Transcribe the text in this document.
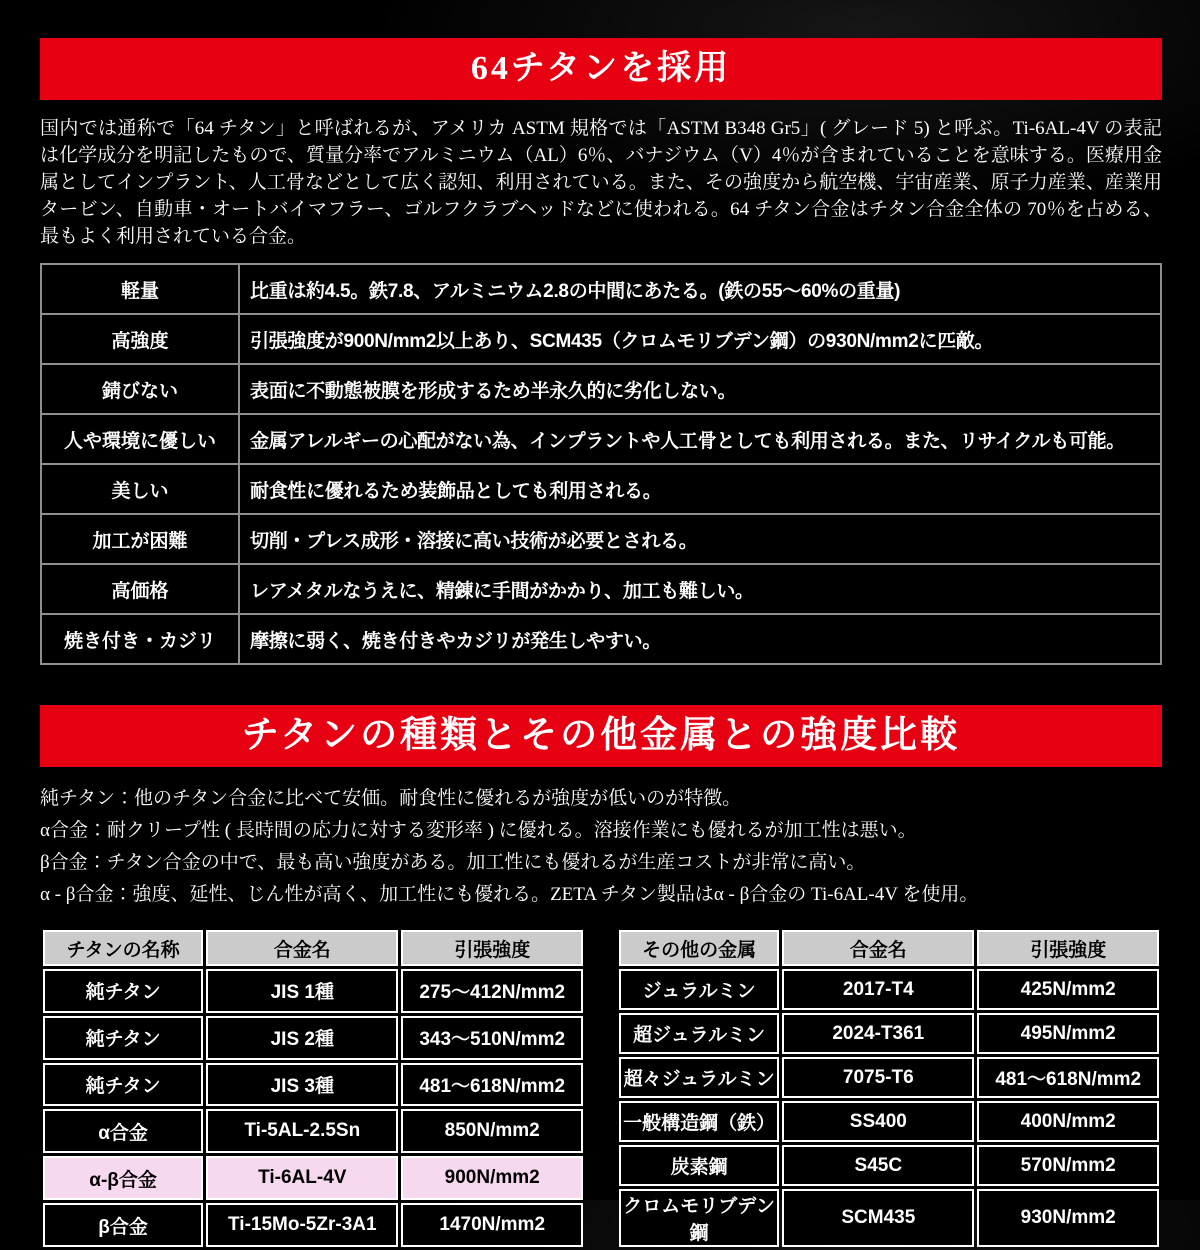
64チタンを採用

国内では通称で「64 チタン」と呼ばれるが、アメリカ ASTM 規格では「ASTM B348 Gr5」( グレード 5) と呼ぶ。Ti-6AL-4V の表記は化学成分を明記したもので、質量分率でアルミニウム（AL）6％、バナジウム（V）4％が含まれていることを意味する。医療用金属としてインプラント、人工骨などとして広く認知、利用されている。また、その強度から航空機、宇宙産業、原子力産業、産業用タービン、自動車・オートバイマフラー、ゴルフクラブヘッドなどに使われる。64 チタン合金はチタン合金全体の 70％を占める、最もよく利用されている合金。

軽量	比重は約4.5。鉄7.8、アルミニウム2.8の中間にあたる。(鉄の55～60%の重量)
高強度	引張強度が900N/mm2以上あり、SCM435（クロムモリブデン鋼）の930N/mm2に匹敵。
錆びない	表面に不動態被膜を形成するため半永久的に劣化しない。
人や環境に優しい	金属アレルギーの心配がない為、インプラントや人工骨としても利用される。また、リサイクルも可能。
美しい	耐食性に優れるため装飾品としても利用される。
加工が困難	切削・プレス成形・溶接に高い技術が必要とされる。
高価格	レアメタルなうえに、精錬に手間がかかり、加工も難しい。
焼き付き・カジリ	摩擦に弱く、焼き付きやカジリが発生しやすい。
チタンの種類とその他金属との強度比較
純チタン：他のチタン合金に比べて安価。耐食性に優れるが強度が低いのが特徴。
α合金：耐クリープ性 ( 長時間の応力に対する変形率 ) に優れる。溶接作業にも優れるが加工性は悪い。
β合金：チタン合金の中で、最も高い強度がある。加工性にも優れるが生産コストが非常に高い。
α - β合金：強度、延性、じん性が高く、加工性にも優れる。ZETA チタン製品はα - β合金の Ti-6AL-4V を使用。
チタンの名称	合金名	引張強度
純チタン	JIS 1種	275～412N/mm2
純チタン	JIS 2種	343～510N/mm2
純チタン	JIS 3種	481～618N/mm2
α合金	Ti-5AL-2.5Sn	850N/mm2
α-β合金	Ti-6AL-4V	900N/mm2
β合金	Ti-15Mo-5Zr-3A1	1470N/mm2
その他の金属	合金名	引張強度
ジュラルミン	2017-T4	425N/mm2
超ジュラルミン	2024-T361	495N/mm2
超々ジュラルミン	7075-T6	481～618N/mm2
一般構造鋼（鉄）	SS400	400N/mm2
炭素鋼	S45C	570N/mm2
クロムモリブデン鋼	SCM435	930N/mm2
